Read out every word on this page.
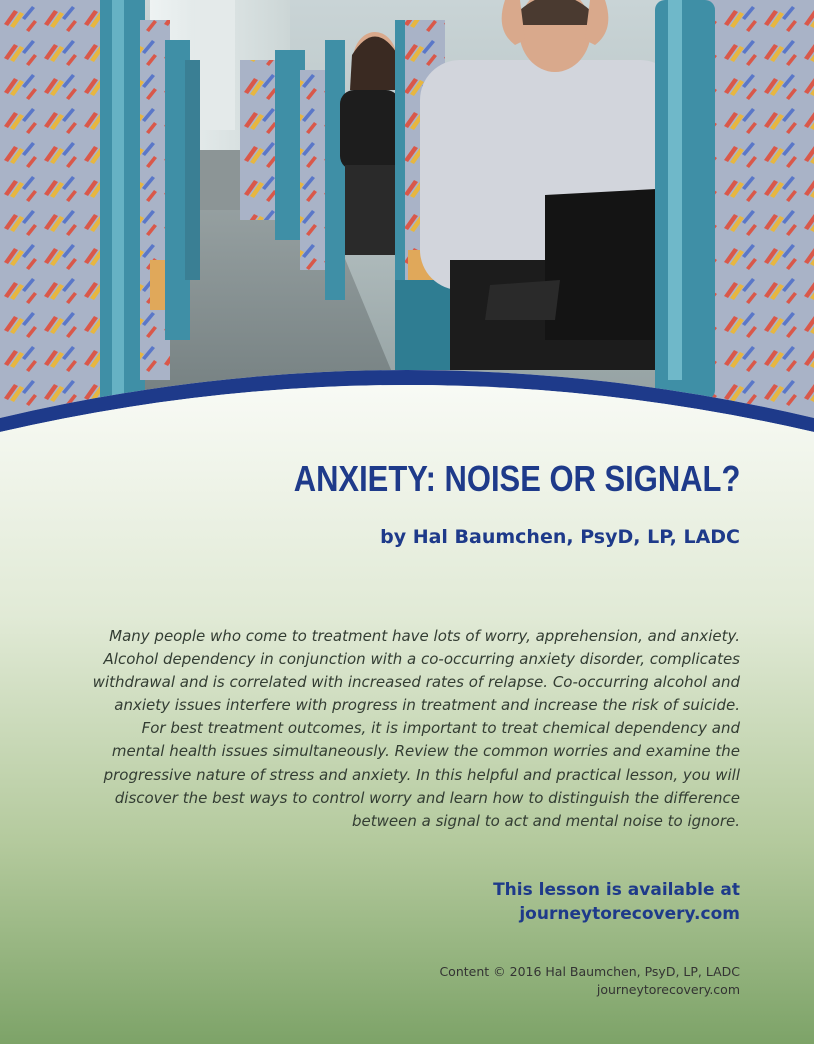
ANXIETY: NOISE OR SIGNAL?

by Hal Baumchen, PsyD, LP, LADC

Many people who come to treatment have lots of worry, apprehension, and anxiety. Alcohol dependency in conjunction with a co-occurring anxiety disorder, complicates withdrawal and is correlated with increased rates of relapse. Co-occurring alcohol and anxiety issues interfere with progress in treatment and increase the risk of suicide. For best treatment outcomes, it is important to treat chemical dependency and mental health issues simultaneously. Review the common worries and examine the progressive nature of stress and anxiety. In this helpful and practical lesson, you will discover the best ways to control worry and learn how to distinguish the difference between a signal to act and mental noise to ignore.

This lesson is available at
journeytorecovery.com

Content © 2016 Hal Baumchen, PsyD, LP, LADC
journeytorecovery.com
